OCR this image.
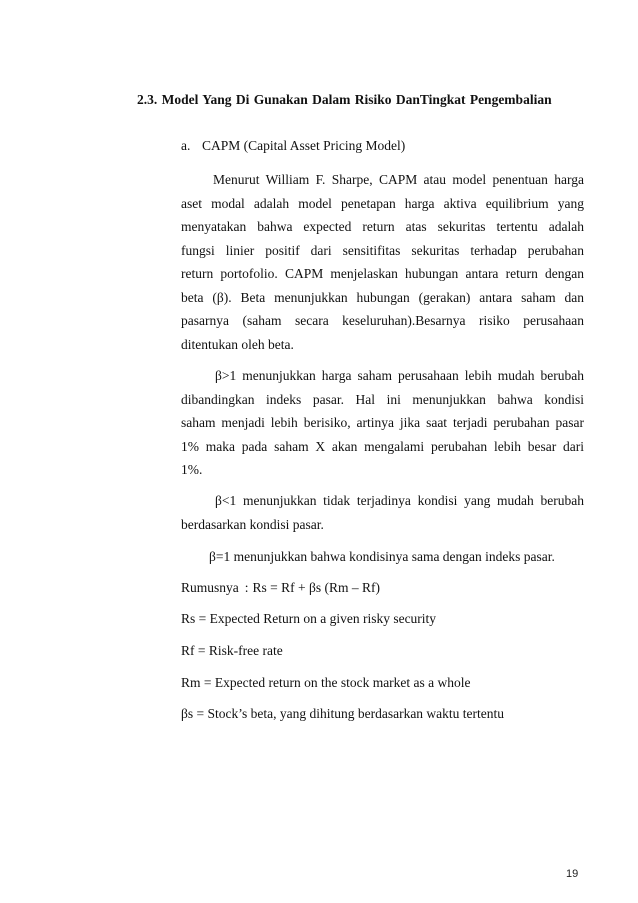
2.3. Model Yang Di Gunakan Dalam Risiko DanTingkat Pengembalian
a. CAPM (Capital Asset Pricing Model)
Menurut William F. Sharpe, CAPM atau model penentuan harga
aset modal adalah model penetapan harga aktiva equilibrium yang
menyatakan bahwa expected return atas sekuritas tertentu adalah
fungsi linier positif dari sensitifitas sekuritas terhadap perubahan
return portofolio. CAPM menjelaskan hubungan antara return dengan
beta (β). Beta menunjukkan hubungan (gerakan) antara saham dan
pasarnya (saham secara keseluruhan).Besarnya risiko perusahaan
ditentukan oleh beta.
β>1 menunjukkan harga saham perusahaan lebih mudah berubah
dibandingkan indeks pasar. Hal ini menunjukkan bahwa kondisi
saham menjadi lebih berisiko, artinya jika saat terjadi perubahan pasar
1% maka pada saham X akan mengalami perubahan lebih besar dari
1%.
β<1 menunjukkan tidak terjadinya kondisi yang mudah berubah
berdasarkan kondisi pasar.
β=1 menunjukkan bahwa kondisinya sama dengan indeks pasar.
Rumusnya : Rs = Rf + βs (Rm – Rf)
Rs = Expected Return on a given risky security
Rf = Risk-free rate
Rm = Expected return on the stock market as a whole
βs = Stock’s beta, yang dihitung berdasarkan waktu tertentu
19
